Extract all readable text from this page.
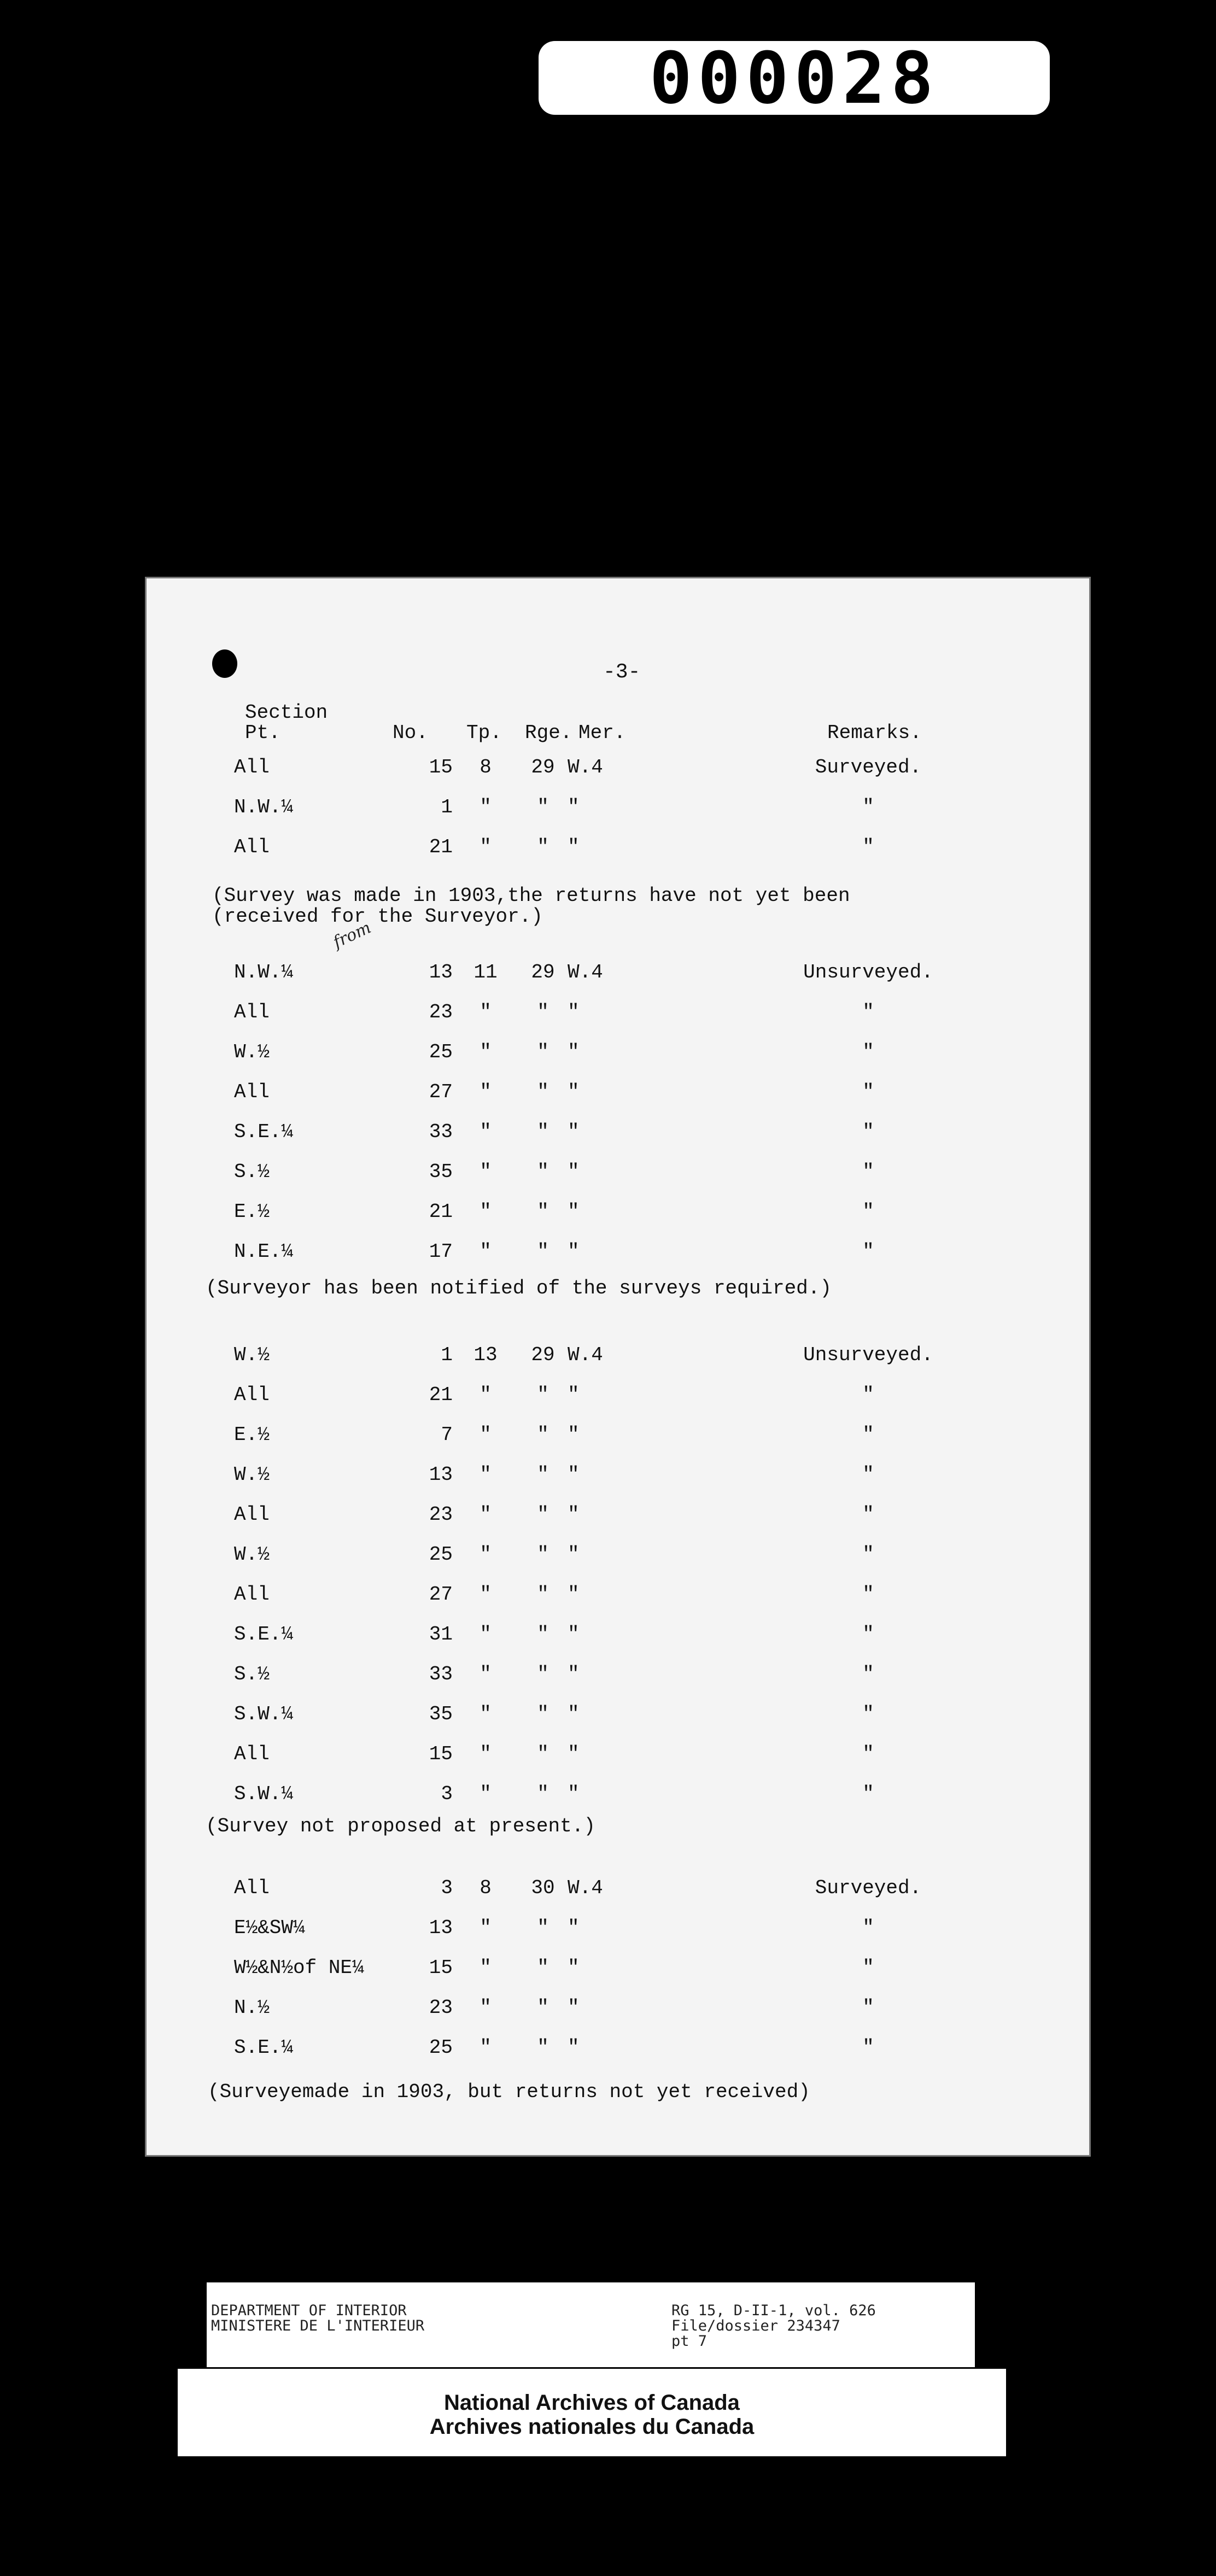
000028
-3-
Section
Pt.	No. Tp. Rge. Mer.	Remarks.
All	15	8	29 W.4	Surveyed.
N.W.¼	1	"	" "	"
All	21	"	" "	"
(Survey was made in 1903,the returns have not yet been
(received for the Surveyor.)
from
N.W.¼	13	11	29 W.4	Unsurveyed.
All	23	"	" "	"
W.½	25	"	" "	"
All	27	"	" "	"
S.E.¼	33	"	" "	"
S.½	35	"	" "	"
E.½	21	"	" "	"
N.E.¼	17	"	" "	"
(Surveyor has been notified of the surveys required.)
W.½	1	13	29 W.4	Unsurveyed.
All	21	"	" "	"
E.½	7	"	" "	"
W.½	13	"	" "	"
All	23	"	" "	"
W.½	25	"	" "	"
All	27	"	" "	"
S.E.¼	31	"	" "	"
S.½	33	"	" "	"
S.W.¼	35	"	" "	"
All	15	"	" "	"
S.W.¼	3	"	" "	"
(Survey not proposed at present.)
All	3	8	30 W.4	Surveyed.
E½&SW¼	13	"	" "	"
W½&N½of NE¼	15	"	" "	"
N.½	23	"	" "	"
S.E.¼	25	"	" "	"
(Surveyemade in 1903, but returns not yet received)
DEPARTMENT OF INTERIOR
MINISTERE DE L'INTERIEUR
RG 15, D-II-1, vol. 626
File/dossier 234347
pt 7
National Archives of Canada
Archives nationales du Canada
